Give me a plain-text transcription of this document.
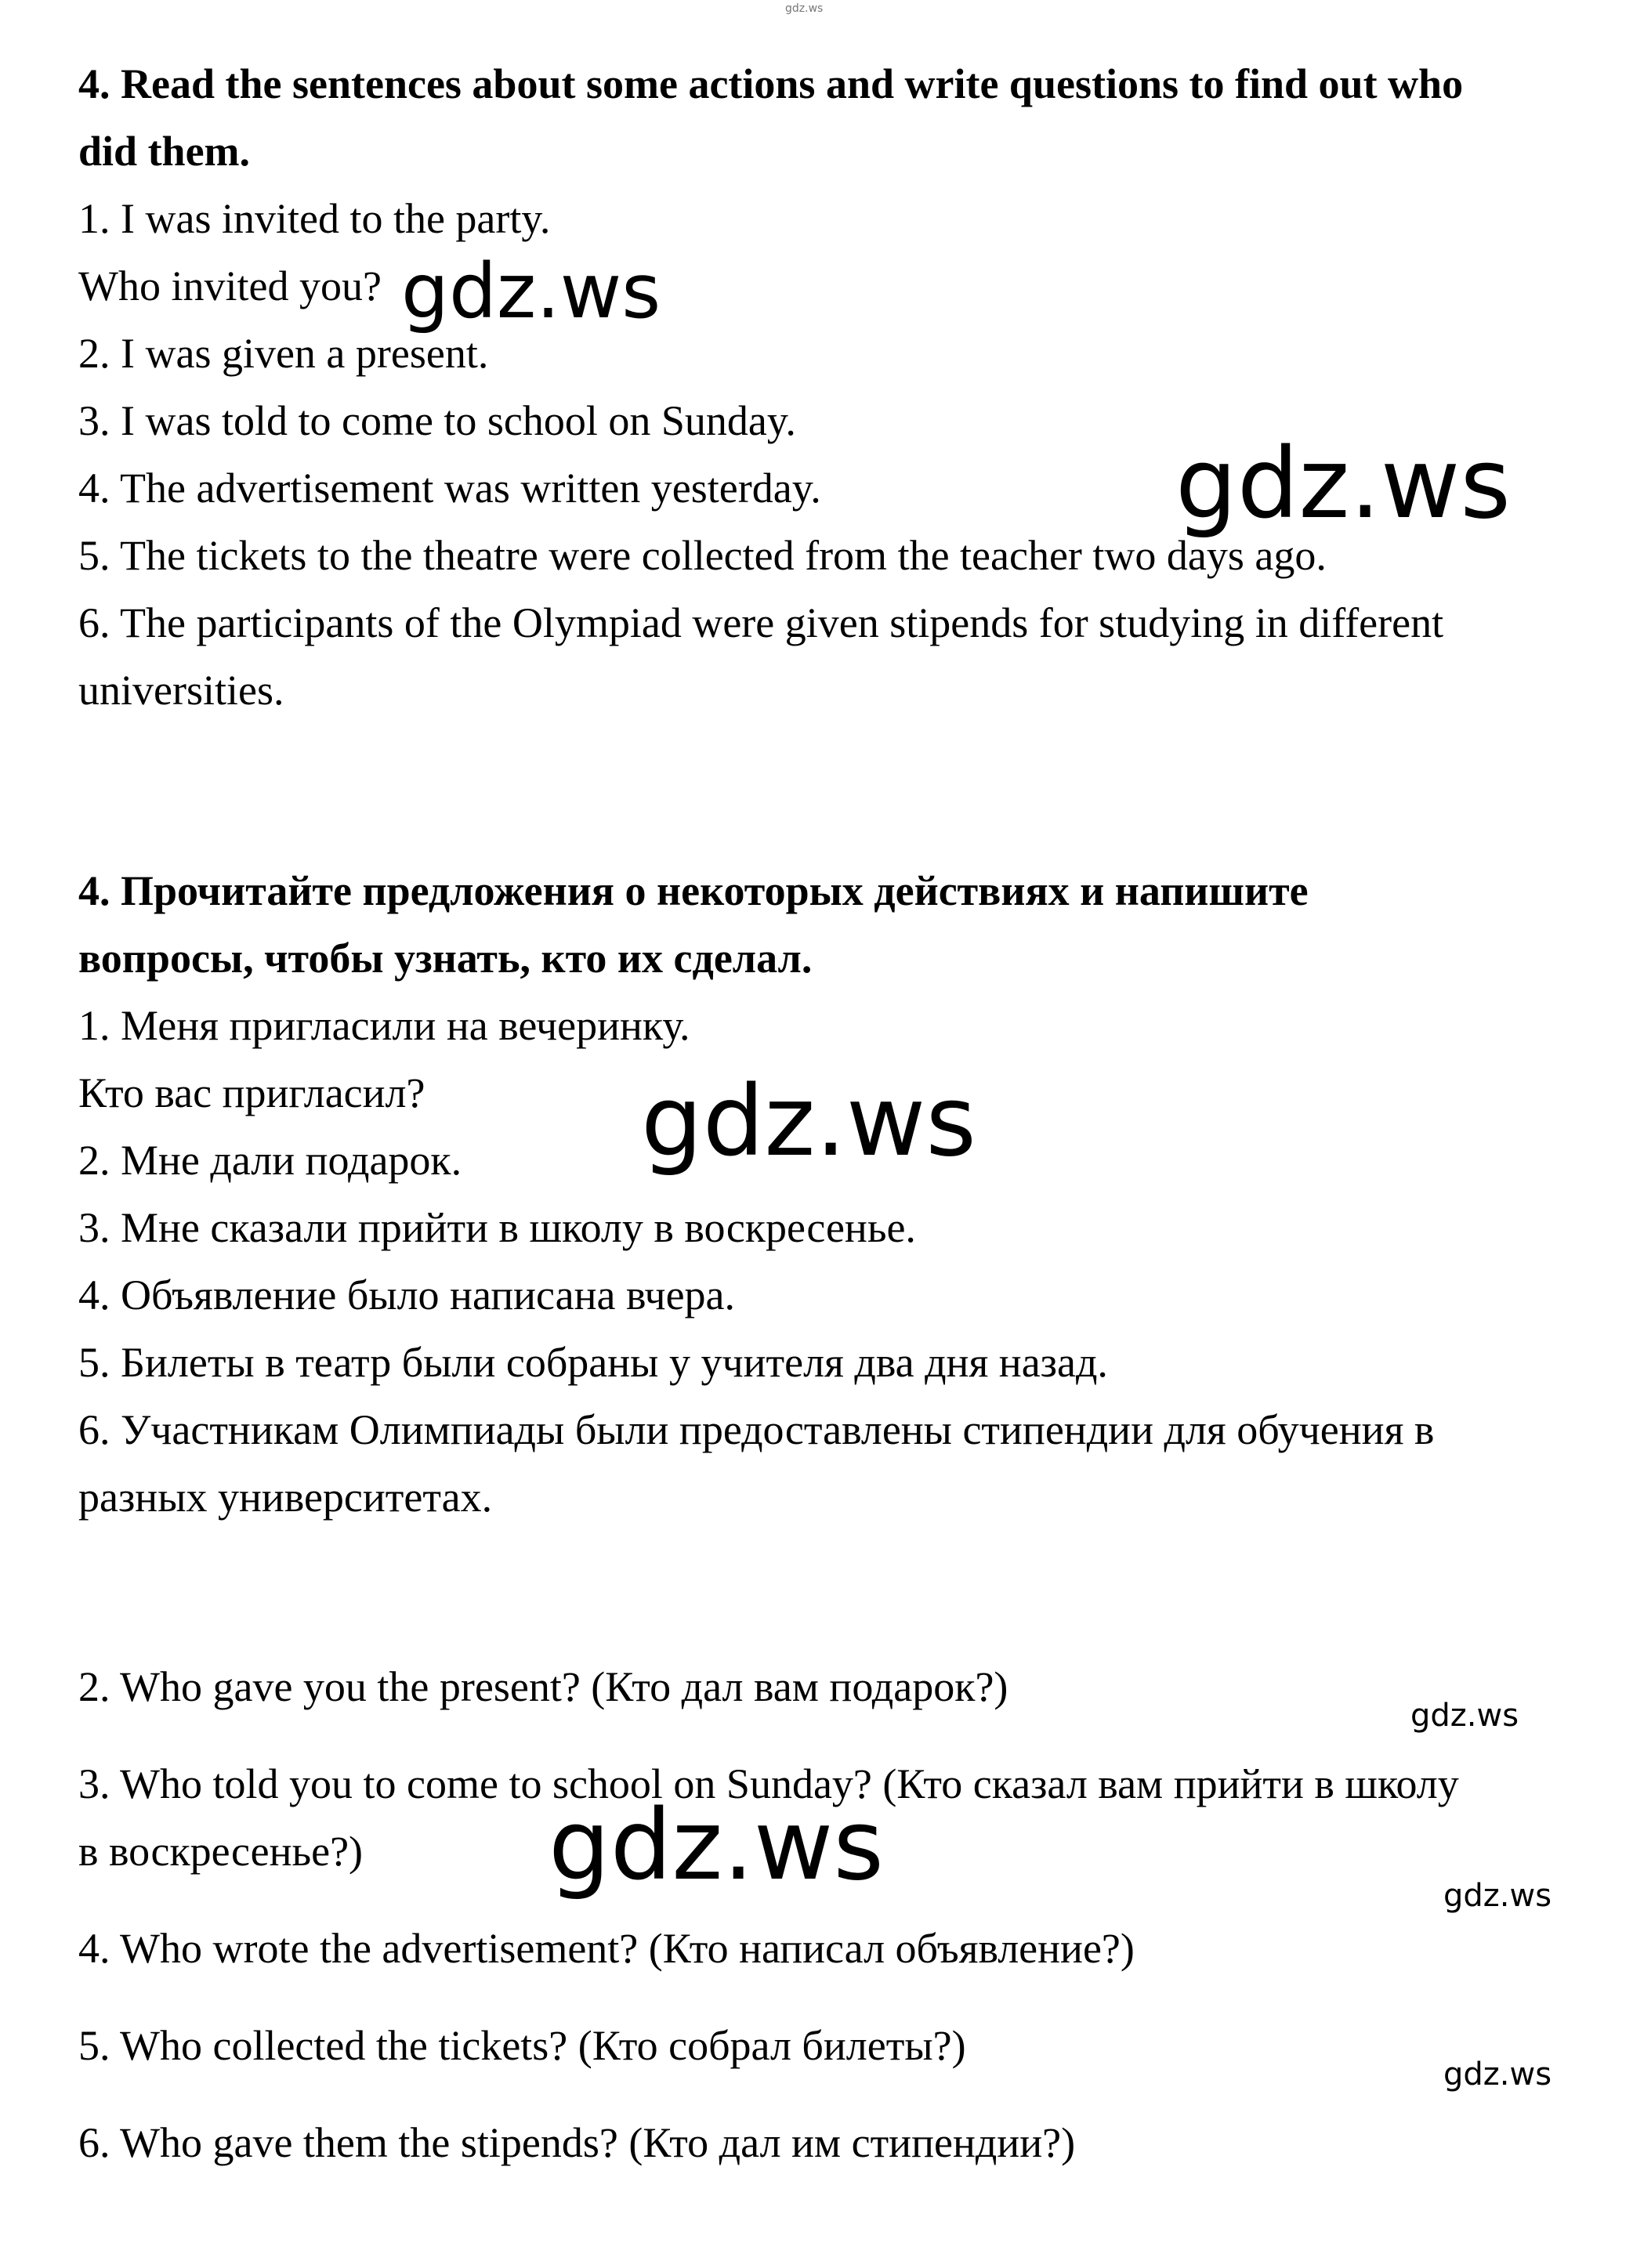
gdz.ws
4. Read the sentences about some actions and write questions to find out who
did them.
1. I was invited to the party.
Who invited you?
2. I was given a present.
3. I was told to come to school on Sunday.
4. The advertisement was written yesterday.
5. The tickets to the theatre were collected from the teacher two days ago.
6. The participants of the Olympiad were given stipends for studying in different
universities.
4. Прочитайте предложения о некоторых действиях и напишите
вопросы, чтобы узнать, кто их сделал.
1. Меня пригласили на вечеринку.
Кто вас пригласил?
2. Мне дали подарок.
3. Мне сказали прийти в школу в воскресенье.
4. Объявление было написана вчера.
5. Билеты в театр были собраны у учителя два дня назад.
6. Участникам Олимпиады были предоставлены стипендии для обучения в
разных университетах.
2. Who gave you the present? (Кто дал вам подарок?)
3. Who told you to come to school on Sunday? (Кто сказал вам прийти в школу
в воскресенье?)
4. Who wrote the advertisement? (Кто написал объявление?)
5. Who collected the tickets? (Кто собрал билеты?)
6. Who gave them the stipends? (Кто дал им стипендии?)
gdz.ws
gdz.ws
gdz.ws
gdz.ws
gdz.ws	gdz.ws
gdz.ws
